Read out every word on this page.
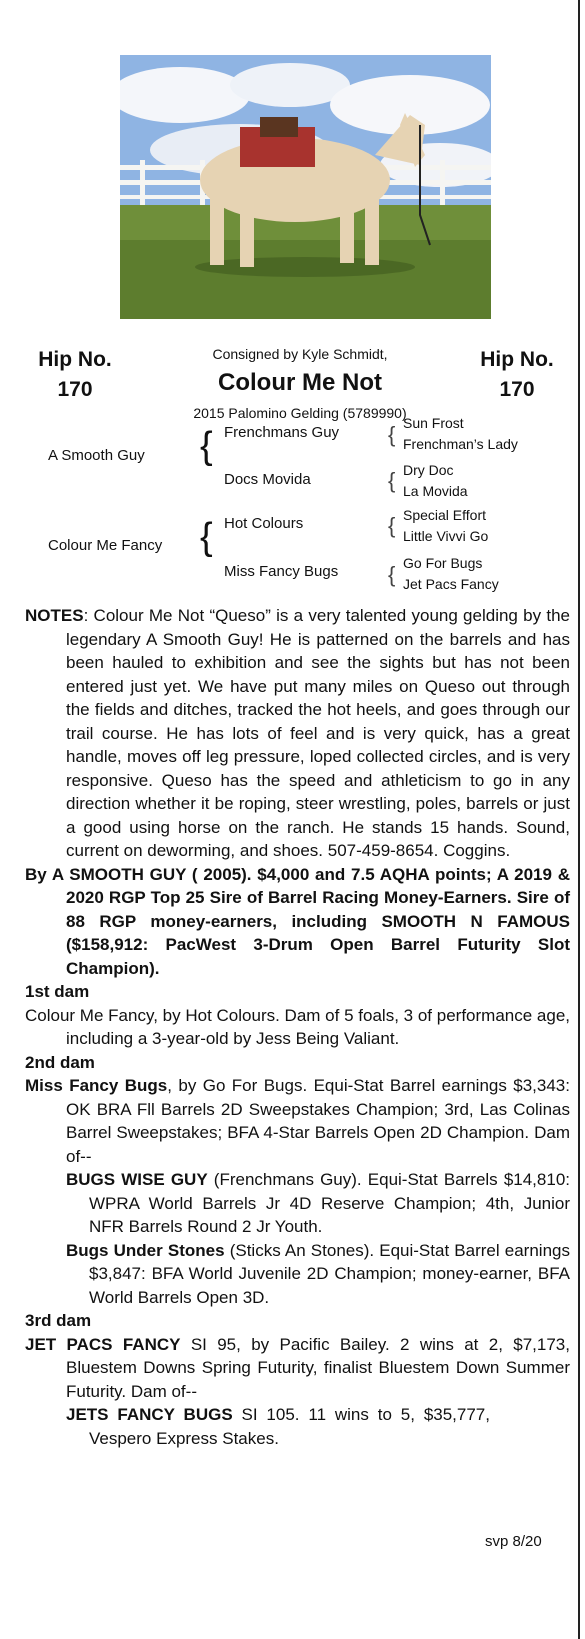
Hip No.
170
Hip No.
170
Consigned by Kyle Schmidt,
Colour Me Not
2015 Palomino Gelding (5789990)
A Smooth Guy { Frenchmans Guy
Docs Movida
{ Sun Frost
Frenchman’s Lady
{ Dry Doc
La Movida
Colour Me Fancy { Hot Colours
Miss Fancy Bugs
{ Special Effort
Little Vivvi Go
{ Go For Bugs
Jet Pacs Fancy

NOTES: Colour Me Not “Queso” is a very talented young gelding by the legendary A Smooth Guy! He is patterned on the barrels and has been hauled to exhibition and see the sights but has not been entered just yet. We have put many miles on Queso out through the fields and ditches, tracked the hot heels, and goes through our trail course. He has lots of feel and is very quick, has a great handle, moves off leg pressure, loped collected circles, and is very responsive. Queso has the speed and athleticism to go in any direction whether it be roping, steer wrestling, poles, barrels or just a good using horse on the ranch. He stands 15 hands. Sound, current on deworming, and shoes. 507-459-8654. Coggins.

By A SMOOTH GUY ( 2005). $4,000 and 7.5 AQHA points; A 2019 & 2020 RGP Top 25 Sire of Barrel Racing Money-Earners. Sire of 88 RGP money-earners, including SMOOTH N FAMOUS ($158,912: PacWest 3-Drum Open Barrel Futurity Slot Champion).

1st dam

Colour Me Fancy, by Hot Colours. Dam of 5 foals, 3 of performance age, including a 3-year-old by Jess Being Valiant.

2nd dam

Miss Fancy Bugs, by Go For Bugs. Equi-Stat Barrel earnings $3,343: OK BRA Fll Barrels 2D Sweepstakes Champion; 3rd, Las Colinas Barrel Sweepstakes; BFA 4-Star Barrels Open 2D Champion. Dam of--

BUGS WISE GUY (Frenchmans Guy). Equi-Stat Barrels $14,810: WPRA World Barrels Jr 4D Reserve Champion; 4th, Junior NFR Barrels Round 2 Jr Youth.

Bugs Under Stones (Sticks An Stones). Equi-Stat Barrel earnings $3,847: BFA World Juvenile 2D Champion; money-earner, BFA World Barrels Open 3D.

3rd dam

JET PACS FANCY SI 95, by Pacific Bailey. 2 wins at 2, $7,173, Bluestem Downs Spring Futurity, finalist Bluestem Down Summer Futurity. Dam of--

JETS FANCY BUGS SI 105. 11 wins to 5, $35,777, Vespero Express Stakes.

svp 8/20
